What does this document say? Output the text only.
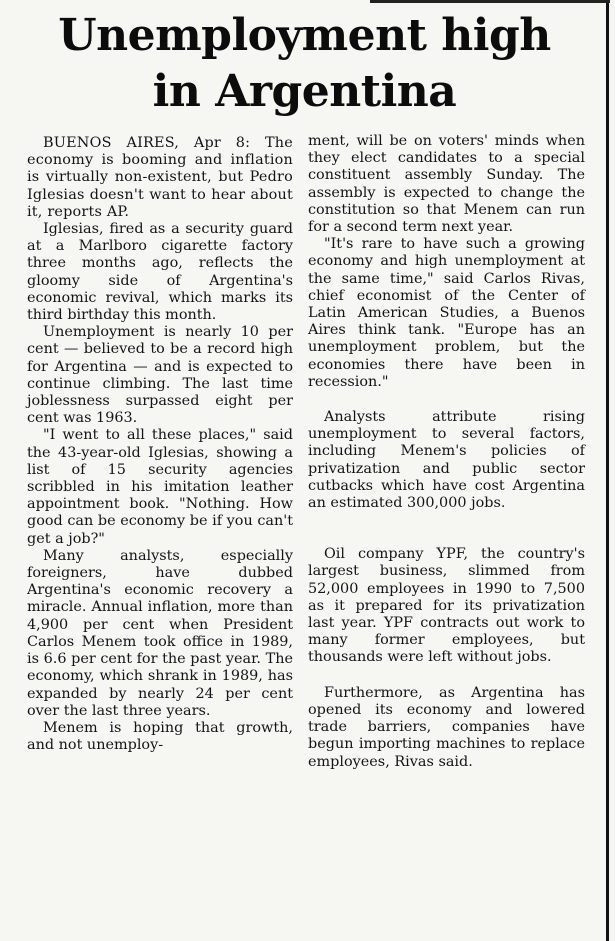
Unemployment high
in Argentina

BUENOS AIRES, Apr 8: The economy is booming and inflation is virtually non-existent, but Pedro Iglesias doesn't want to hear about it, reports AP.

Iglesias, fired as a security guard at a Marlboro cigarette factory three months ago, reflects the gloomy side of Argentina's economic revival, which marks its third birthday this month.

Unemployment is nearly 10 per cent — believed to be a record high for Argentina — and is expected to continue climbing. The last time joblessness surpassed eight per cent was 1963.

"I went to all these places," said the 43-year-old Iglesias, showing a list of 15 security agencies scribbled in his imitation leather appointment book. "Nothing. How good can be economy be if you can't get a job?"

Many analysts, especially foreigners, have dubbed Argentina's economic recovery a miracle. Annual inflation, more than 4,900 per cent when President Carlos Menem took office in 1989, is 6.6 per cent for the past year. The economy, which shrank in 1989, has expanded by nearly 24 per cent over the last three years.

Menem is hoping that growth, and not unemploy-

ment, will be on voters' minds when they elect candidates to a special constituent assembly Sunday. The assembly is expected to change the constitution so that Menem can run for a second term next year.

"It's rare to have such a growing economy and high unemployment at the same time," said Carlos Rivas, chief economist of the Center of Latin American Studies, a Buenos Aires think tank. "Europe has an unemployment problem, but the economies there have been in recession."

Analysts attribute rising unemployment to several factors, including Menem's policies of privatization and public sector cutbacks which have cost Argentina an estimated 300,000 jobs.

Oil company YPF, the country's largest business, slimmed from 52,000 employees in 1990 to 7,500 as it prepared for its privatization last year. YPF contracts out work to many former employees, but thousands were left without jobs.

Furthermore, as Argentina has opened its economy and lowered trade barriers, companies have begun importing machines to replace employees, Rivas said.
